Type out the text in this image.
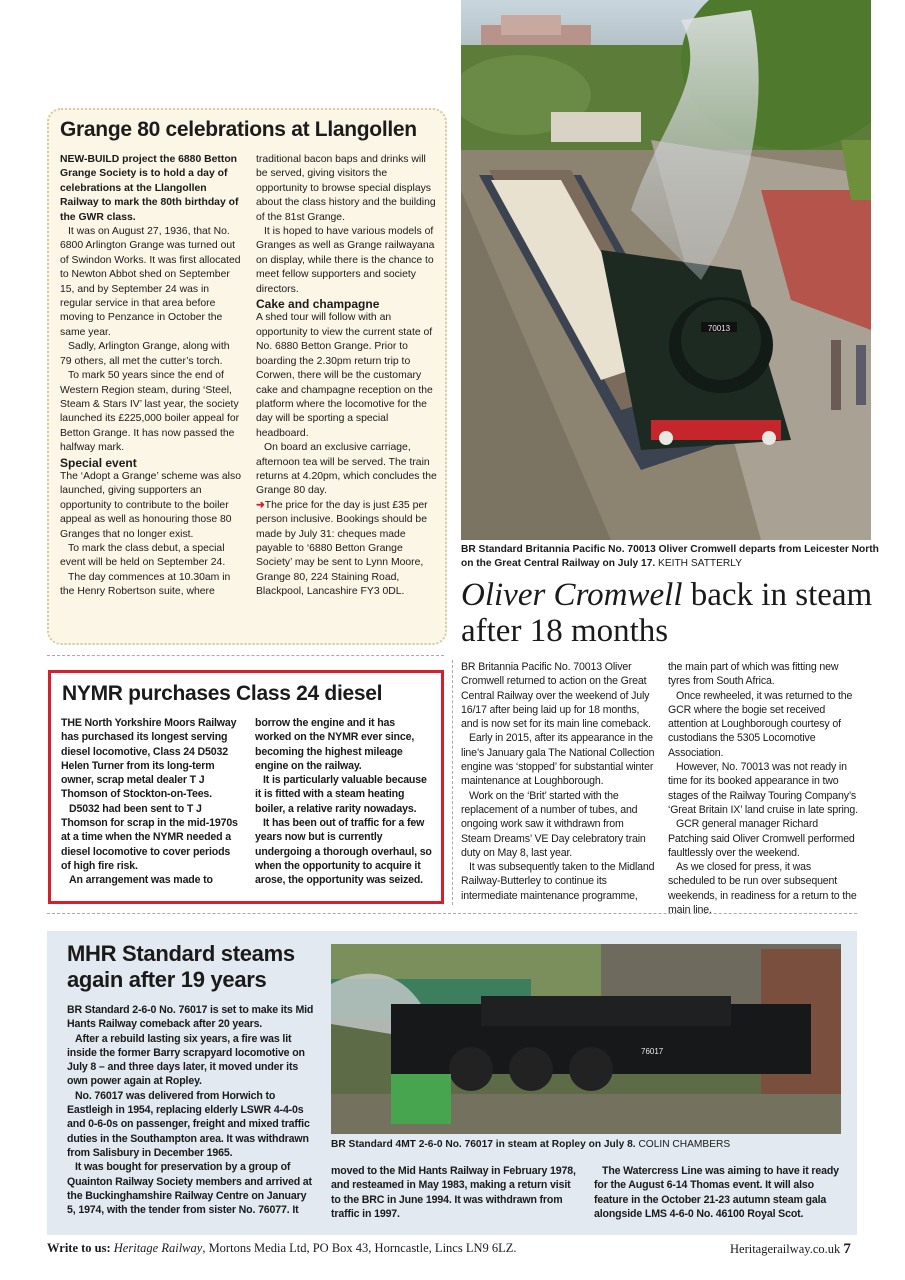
Grange 80 celebrations at Llangollen

NEW-BUILD project the 6880 Betton Grange Society is to hold a day of celebrations at the Llangollen Railway to mark the 80th birthday of the GWR class.

It was on August 27, 1936, that No. 6800 Arlington Grange was turned out of Swindon Works. It was first allocated to Newton Abbot shed on September 15, and by September 24 was in regular service in that area before moving to Penzance in October the same year.

Sadly, Arlington Grange, along with 79 others, all met the cutter’s torch.

To mark 50 years since the end of Western Region steam, during ‘Steel, Steam & Stars IV’ last year, the society launched its £225,000 boiler appeal for Betton Grange. It has now passed the halfway mark.

Special event

The ‘Adopt a Grange’ scheme was also launched, giving supporters an opportunity to contribute to the boiler appeal as well as honouring those 80 Granges that no longer exist.

To mark the class debut, a special event will be held on September 24.

The day commences at 10.30am in the Henry Robertson suite, where

traditional bacon baps and drinks will be served, giving visitors the opportunity to browse special displays about the class history and the building of the 81st Grange.

It is hoped to have various models of Granges as well as Grange railwayana on display, while there is the chance to meet fellow supporters and society directors.

Cake and champagne

A shed tour will follow with an opportunity to view the current state of No. 6880 Betton Grange. Prior to boarding the 2.30pm return trip to Corwen, there will be the customary cake and champagne reception on the platform where the locomotive for the day will be sporting a special headboard.

On board an exclusive carriage, afternoon tea will be served. The train returns at 4.20pm, which concludes the Grange 80 day.

➜The price for the day is just £35 per person inclusive. Bookings should be made by July 31: cheques made payable to ‘6880 Betton Grange Society’ may be sent to Lynn Moore, Grange 80, 224 Staining Road, Blackpool, Lancashire FY3 0DL.

70013
BR Standard Britannia Pacific No. 70013 Oliver Cromwell departs from Leicester North on the Great Central Railway on July 17. KEITH SATTERLY
Oliver Cromwell back in steam after 18 months

BR Britannia Pacific No. 70013 Oliver Cromwell returned to action on the Great Central Railway over the weekend of July 16/17 after being laid up for 18 months, and is now set for its main line comeback.

Early in 2015, after its appearance in the line’s January gala The National Collection engine was ‘stopped’ for substantial winter maintenance at Loughborough.

Work on the ‘Brit’ started with the replacement of a number of tubes, and ongoing work saw it withdrawn from Steam Dreams’ VE Day celebratory train duty on May 8, last year.

It was subsequently taken to the Midland Railway-Butterley to continue its intermediate maintenance programme,

the main part of which was fitting new tyres from South Africa.

Once rewheeled, it was returned to the GCR where the bogie set received attention at Loughborough courtesy of custodians the 5305 Locomotive Association.

However, No. 70013 was not ready in time for its booked appearance in two stages of the Railway Touring Company’s ‘Great Britain IX’ land cruise in late spring.

GCR general manager Richard Patching said Oliver Cromwell performed faultlessly over the weekend.

As we closed for press, it was scheduled to be run over subsequent weekends, in readiness for a return to the main line.

NYMR purchases Class 24 diesel

THE North Yorkshire Moors Railway has purchased its longest serving diesel locomotive, Class 24 D5032 Helen Turner from its long-term owner, scrap metal dealer T J Thomson of Stockton-on-Tees.

D5032 had been sent to T J Thomson for scrap in the mid-1970s at a time when the NYMR needed a diesel locomotive to cover periods of high fire risk.

An arrangement was made to

borrow the engine and it has worked on the NYMR ever since, becoming the highest mileage engine on the railway.

It is particularly valuable because it is fitted with a steam heating boiler, a relative rarity nowadays.

It has been out of traffic for a few years now but is currently undergoing a thorough overhaul, so when the opportunity to acquire it arose, the opportunity was seized.

MHR Standard steams again after 19 years
76017
BR Standard 4MT 2-6-0 No. 76017 in steam at Ropley on July 8. COLIN CHAMBERS

BR Standard 2-6-0 No. 76017 is set to make its Mid Hants Railway comeback after 20 years.

After a rebuild lasting six years, a fire was lit inside the former Barry scrapyard locomotive on July 8 – and three days later, it moved under its own power again at Ropley.

No. 76017 was delivered from Horwich to Eastleigh in 1954, replacing elderly LSWR 4-4-0s and 0-6-0s on passenger, freight and mixed traffic duties in the Southampton area. It was withdrawn from Salisbury in December 1965.

It was bought for preservation by a group of Quainton Railway Society members and arrived at the Buckinghamshire Railway Centre on January 5, 1974, with the tender from sister No. 76077. It

moved to the Mid Hants Railway in February 1978, and resteamed in May 1983, making a return visit to the BRC in June 1994. It was withdrawn from traffic in 1997.

The Watercress Line was aiming to have it ready for the August 6-14 Thomas event. It will also feature in the October 21-23 autumn steam gala alongside LMS 4-6-0 No. 46100 Royal Scot.

Write to us: Heritage Railway, Mortons Media Ltd, PO Box 43, Horncastle, Lincs LN9 6LZ.	Heritagerailway.co.uk 7
